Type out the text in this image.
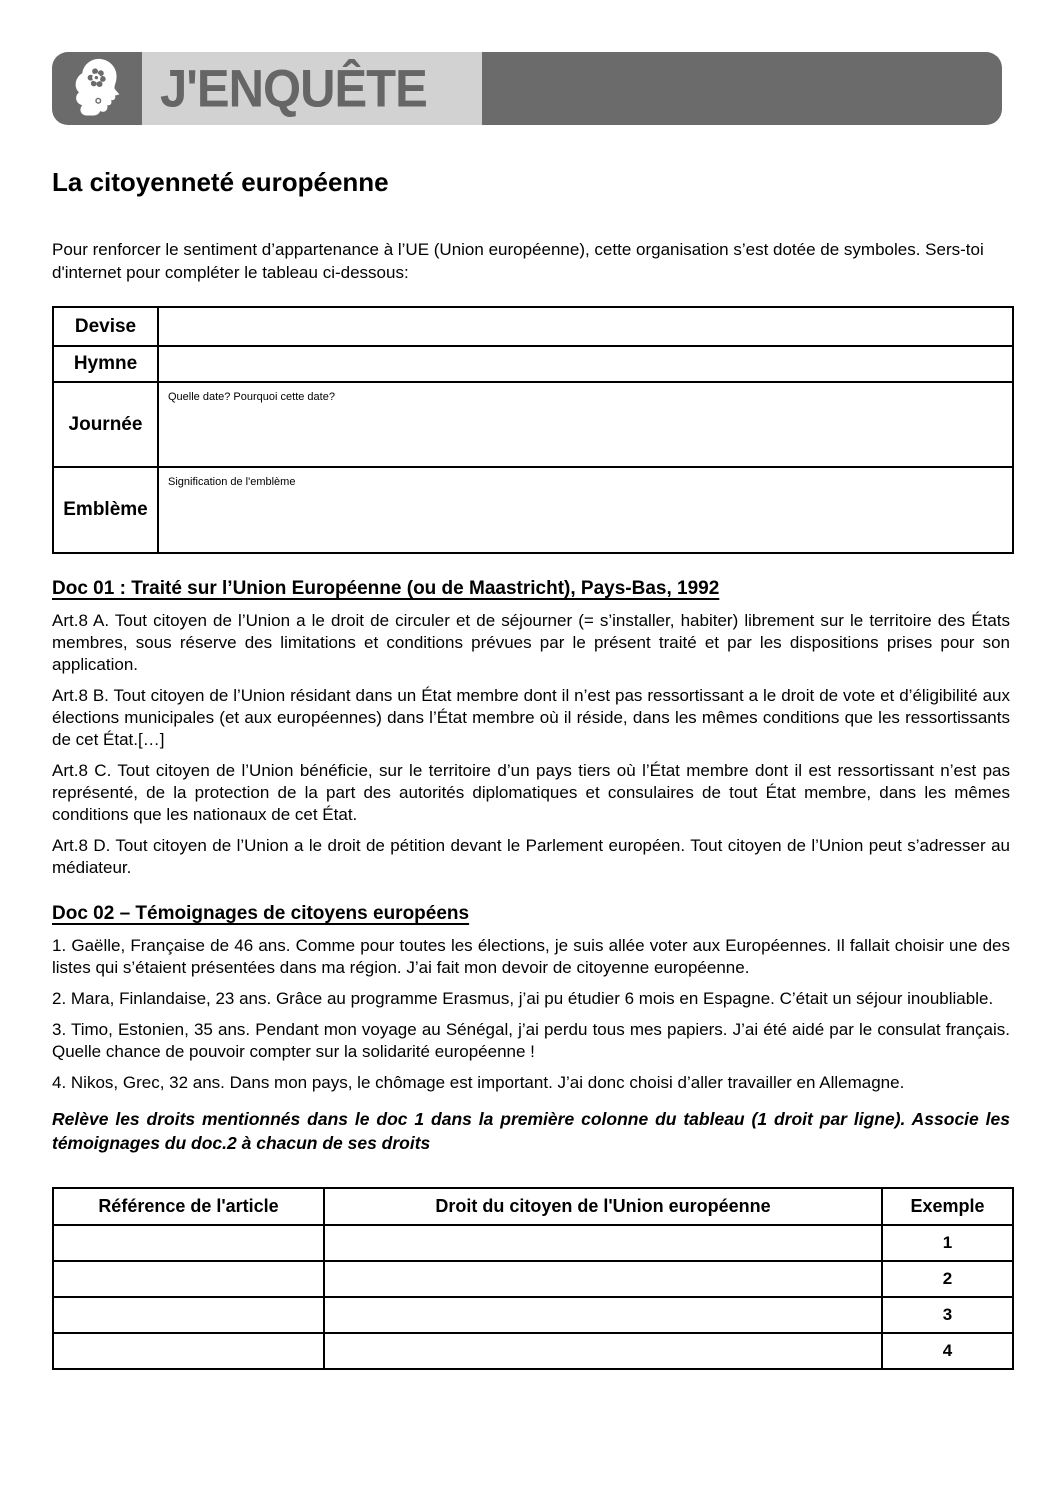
J'ENQUÊTE
La citoyenneté européenne

Pour renforcer le sentiment d’appartenance à l’UE (Union européenne), cette organisation s’est dotée de symboles. Sers-toi d'internet pour compléter le tableau ci-dessous:

Devise	
Hymne	
Journée	Quelle date? Pourquoi cette date?
Emblème	Signification de l'emblème
Doc 01 : Traité sur l’Union Européenne (ou de Maastricht), Pays-Bas, 1992

Art.8 A. Tout citoyen de l’Union a le droit de circuler et de séjourner (= s’installer, habiter) librement sur le territoire des États membres, sous réserve des limitations et conditions prévues par le présent traité et par les dispositions prises pour son application.

Art.8 B. Tout citoyen de l’Union résidant dans un État membre dont il n’est pas ressortissant a le droit de vote et d’éligibilité aux élections municipales (et aux européennes) dans l’État membre où il réside, dans les mêmes conditions que les ressortissants de cet État.[…]

Art.8 C. Tout citoyen de l’Union bénéficie, sur le territoire d’un pays tiers où l’État membre dont il est ressortissant n’est pas représenté, de la protection de la part des autorités diplomatiques et consulaires de tout État membre, dans les mêmes conditions que les nationaux de cet État.

Art.8 D. Tout citoyen de l’Union a le droit de pétition devant le Parlement européen. Tout citoyen de l’Union peut s’adresser au médiateur.

Doc 02 – Témoignages de citoyens européens

1. Gaëlle, Française de 46 ans. Comme pour toutes les élections, je suis allée voter aux Européennes. Il fallait choisir une des listes qui s’étaient présentées dans ma région. J’ai fait mon devoir de citoyenne européenne.

2. Mara, Finlandaise, 23 ans. Grâce au programme Erasmus, j’ai pu étudier 6 mois en Espagne. C’était un séjour inoubliable.

3. Timo, Estonien, 35 ans. Pendant mon voyage au Sénégal, j’ai perdu tous mes papiers. J’ai été aidé par le consulat français. Quelle chance de pouvoir compter sur la solidarité européenne !

4. Nikos, Grec, 32 ans. Dans mon pays, le chômage est important. J’ai donc choisi d’aller travailler en Allemagne.

Relève les droits mentionnés dans le doc 1 dans la première colonne du tableau (1 droit par ligne). Associe les témoignages du doc.2 à chacun de ses droits

Référence de l'article	Droit du citoyen de l'Union européenne	Exemple
		1
		2
		3
		4
